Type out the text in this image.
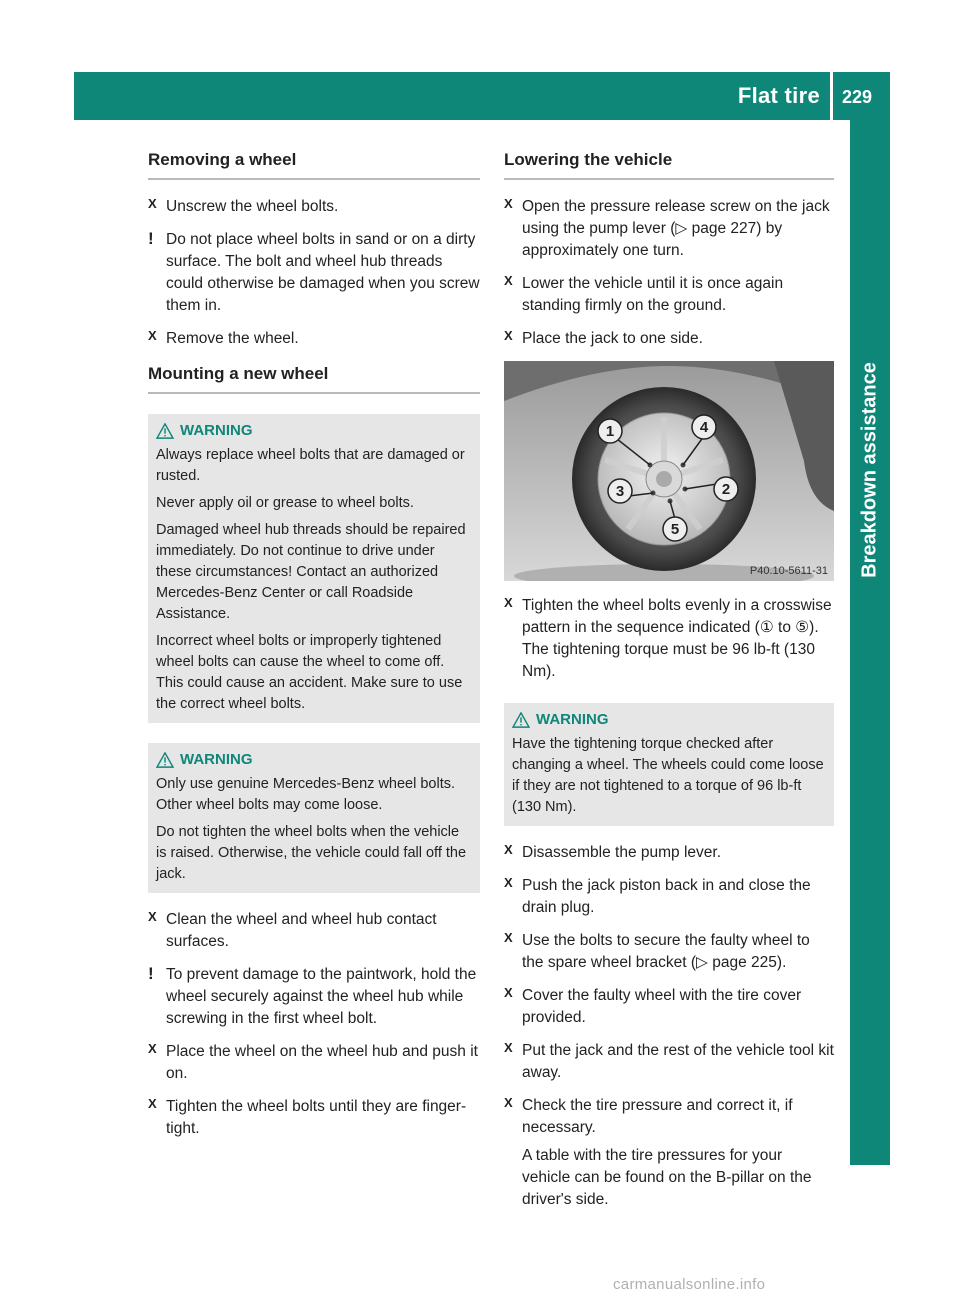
Flat tire 229
Breakdown assistance
Removing a wheel
X Unscrew the wheel bolts.

! Do not place wheel bolts in sand or on a dirty surface. The bolt and wheel hub threads could otherwise be damaged when you screw them in.

X Remove the wheel.

Mounting a new wheel
WARNING

Always replace wheel bolts that are damaged or rusted.

Never apply oil or grease to wheel bolts.

Damaged wheel hub threads should be repaired immediately. Do not continue to drive under these circumstances! Contact an authorized Mercedes-Benz Center or call Roadside Assistance.

Incorrect wheel bolts or improperly tightened wheel bolts can cause the wheel to come off. This could cause an accident. Make sure to use the correct wheel bolts.

WARNING

Only use genuine Mercedes-Benz wheel bolts. Other wheel bolts may come loose.

Do not tighten the wheel bolts when the vehicle is raised. Otherwise, the vehicle could fall off the jack.

X Clean the wheel and wheel hub contact surfaces.

! To prevent damage to the paintwork, hold the wheel securely against the wheel hub while screwing in the first wheel bolt.

X Place the wheel on the wheel hub and push it on.

X Tighten the wheel bolts until they are finger-tight.

Lowering the vehicle
X Open the pressure release screw on the jack using the pump lever (▷ page 227) by approximately one turn.

X Lower the vehicle until it is once again standing firmly on the ground.

X Place the jack to one side.

1
2
3
4
5
P40.10-5611-31
X Tighten the wheel bolts evenly in a crosswise pattern in the sequence indicated (① to ⑤). The tightening torque must be 96 lb-ft (130 Nm).

WARNING

Have the tightening torque checked after changing a wheel. The wheels could come loose if they are not tightened to a torque of 96 lb-ft (130 Nm).

X Disassemble the pump lever.

X Push the jack piston back in and close the drain plug.

X Use the bolts to secure the faulty wheel to the spare wheel bracket (▷ page 225).

X Cover the faulty wheel with the tire cover provided.

X Put the jack and the rest of the vehicle tool kit away.

X Check the tire pressure and correct it, if necessary.

A table with the tire pressures for your vehicle can be found on the B-pillar on the driver's side.

carmanualsonline.info
